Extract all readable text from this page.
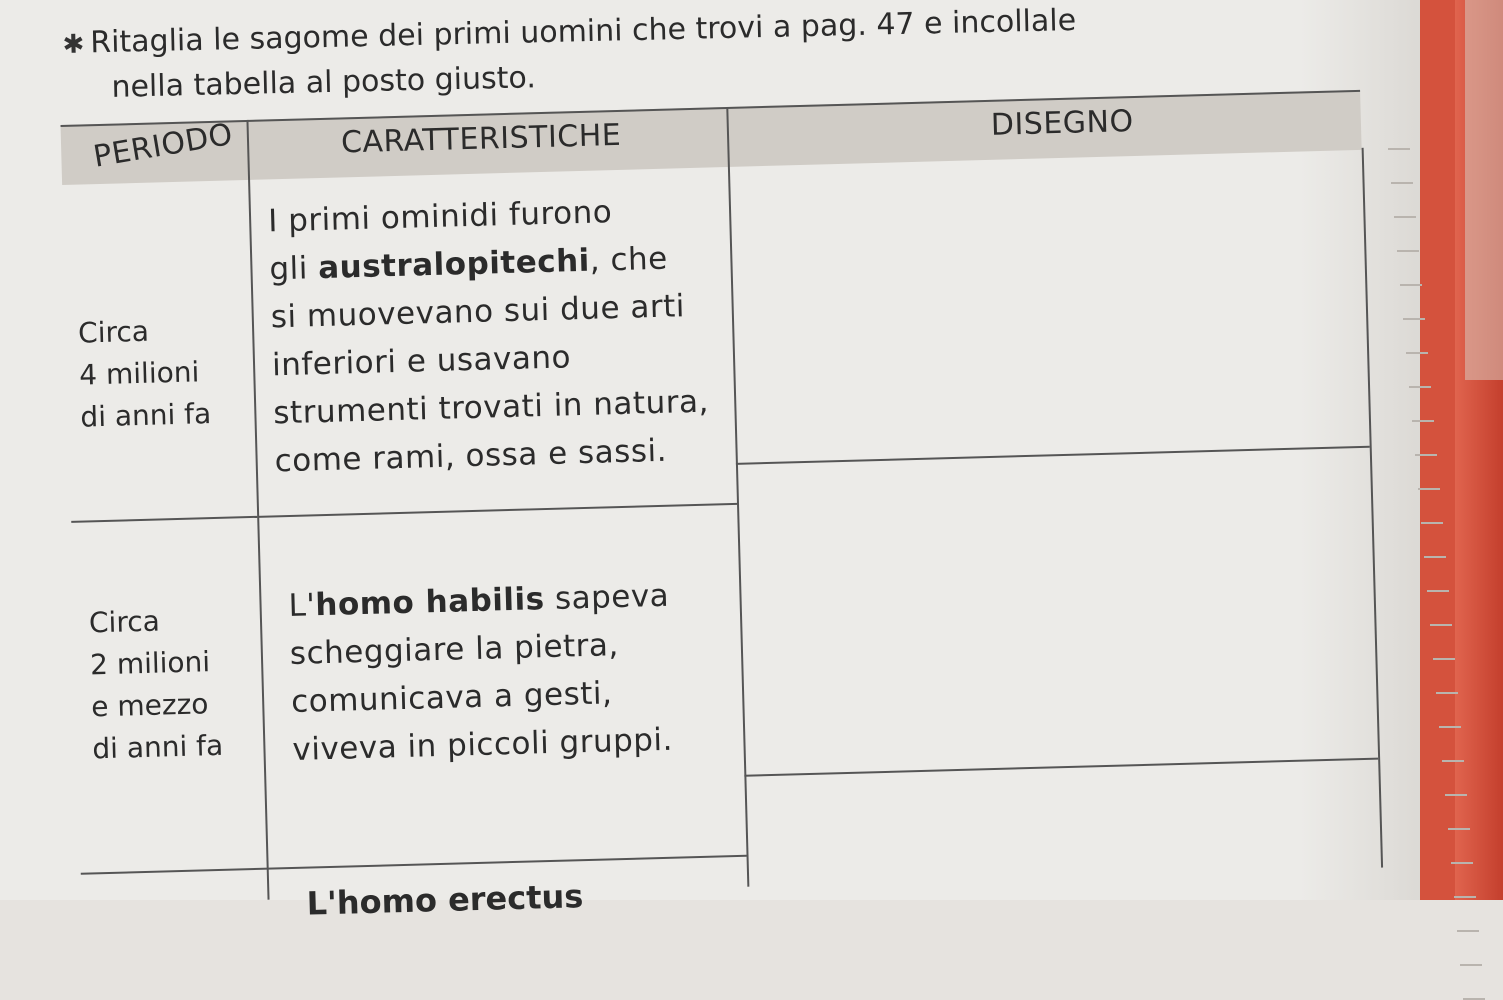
✱ Ritaglia le sagome dei primi uomini che trovi a pag. 47 e incollale
nella tabella al posto giusto.
PERIODO	CARATTERISTICHE	DISEGNO
Circa
4 milioni
di anni fa
I primi ominidi furono
gli australopitechi, che
si muovevano sui due arti
inferiori e usavano
strumenti trovati in natura,
come rami, ossa e sassi.
Circa
2 milioni
e mezzo
di anni fa
L'homo habilis sapeva
scheggiare la pietra,
comunicava a gesti,
viveva in piccoli gruppi.
L'homo erectus
